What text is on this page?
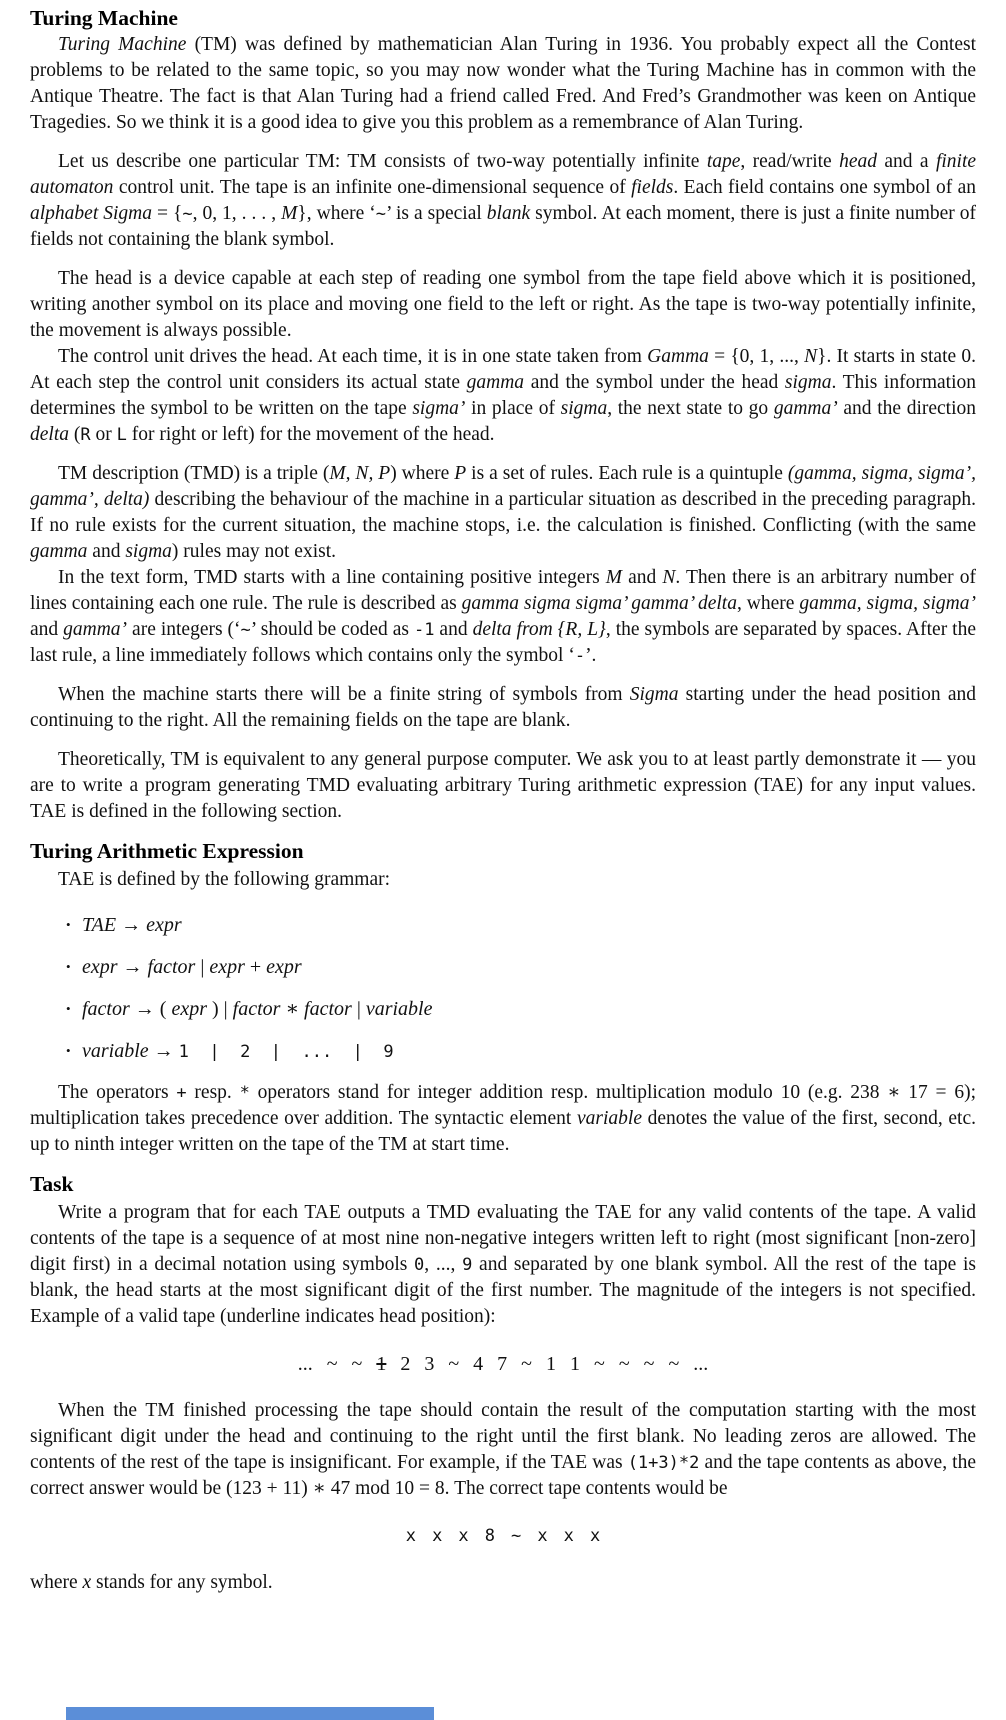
Turing Machine

Turing Machine (TM) was defined by mathematician Alan Turing in 1936. You probably expect all the Contest problems to be related to the same topic, so you may now wonder what the Turing Machine has in common with the Antique Theatre. The fact is that Alan Turing had a friend called Fred. And Fred’s Grandmother was keen on Antique Tragedies. So we think it is a good idea to give you this problem as a remembrance of Alan Turing.

Let us describe one particular TM: TM consists of two-way potentially infinite tape, read/write head and a finite automaton control unit. The tape is an infinite one-dimensional sequence of fields. Each field contains one symbol of an alphabet Sigma = {~, 0, 1, . . . , M}, where ‘~’ is a special blank symbol. At each moment, there is just a finite number of fields not containing the blank symbol.

The head is a device capable at each step of reading one symbol from the tape field above which it is positioned, writing another symbol on its place and moving one field to the left or right. As the tape is two-way potentially infinite, the movement is always possible.

The control unit drives the head. At each time, it is in one state taken from Gamma = {0, 1, ..., N}. It starts in state 0. At each step the control unit considers its actual state gamma and the symbol under the head sigma. This information determines the symbol to be written on the tape sigma’ in place of sigma, the next state to go gamma’ and the direction delta (R or L for right or left) for the movement of the head.

TM description (TMD) is a triple (M, N, P) where P is a set of rules. Each rule is a quintuple (gamma, sigma, sigma’, gamma’, delta) describing the behaviour of the machine in a particular situation as described in the preceding paragraph. If no rule exists for the current situation, the machine stops, i.e. the calculation is finished. Conflicting (with the same gamma and sigma) rules may not exist.

In the text form, TMD starts with a line containing positive integers M and N. Then there is an arbitrary number of lines containing each one rule. The rule is described as gamma sigma sigma’ gamma’ delta, where gamma, sigma, sigma’ and gamma’ are integers (‘~’ should be coded as -1 and delta from {R, L}, the symbols are separated by spaces. After the last rule, a line immediately follows which contains only the symbol ‘-’.

When the machine starts there will be a finite string of symbols from Sigma starting under the head position and continuing to the right. All the remaining fields on the tape are blank.

Theoretically, TM is equivalent to any general purpose computer. We ask you to at least partly demonstrate it — you are to write a program generating TMD evaluating arbitrary Turing arithmetic expression (TAE) for any input values. TAE is defined in the following section.

Turing Arithmetic Expression

TAE is defined by the following grammar:

• TAE → expr
• expr → factor | expr + expr
• factor → ( expr ) | factor ∗ factor | variable
• variable → 1  |  2  |  ...  |  9

The operators + resp. * operators stand for integer addition resp. multiplication modulo 10 (e.g. 238 ∗ 17 = 6); multiplication takes precedence over addition. The syntactic element variable denotes the value of the first, second, etc. up to ninth integer written on the tape of the TM at start time.

Task

Write a program that for each TAE outputs a TMD evaluating the TAE for any valid contents of the tape. A valid contents of the tape is a sequence of at most nine non-negative integers written left to right (most significant [non-zero] digit first) in a decimal notation using symbols 0, ..., 9 and separated by one blank symbol. All the rest of the tape is blank, the head starts at the most significant digit of the first number. The magnitude of the integers is not specified. Example of a valid tape (underline indicates head position):

... ~ ~ 1 2 3 ~ 4 7 ~ 1 1 ~ ~ ~ ~ ...

When the TM finished processing the tape should contain the result of the computation starting with the most significant digit under the head and continuing to the right until the first blank. No leading zeros are allowed. The contents of the rest of the tape is insignificant. For example, if the TAE was (1+3)*2 and the tape contents as above, the correct answer would be (123 + 11) ∗ 47 mod 10 = 8. The correct tape contents would be

x x x 8 ~ x x x

where x stands for any symbol.
